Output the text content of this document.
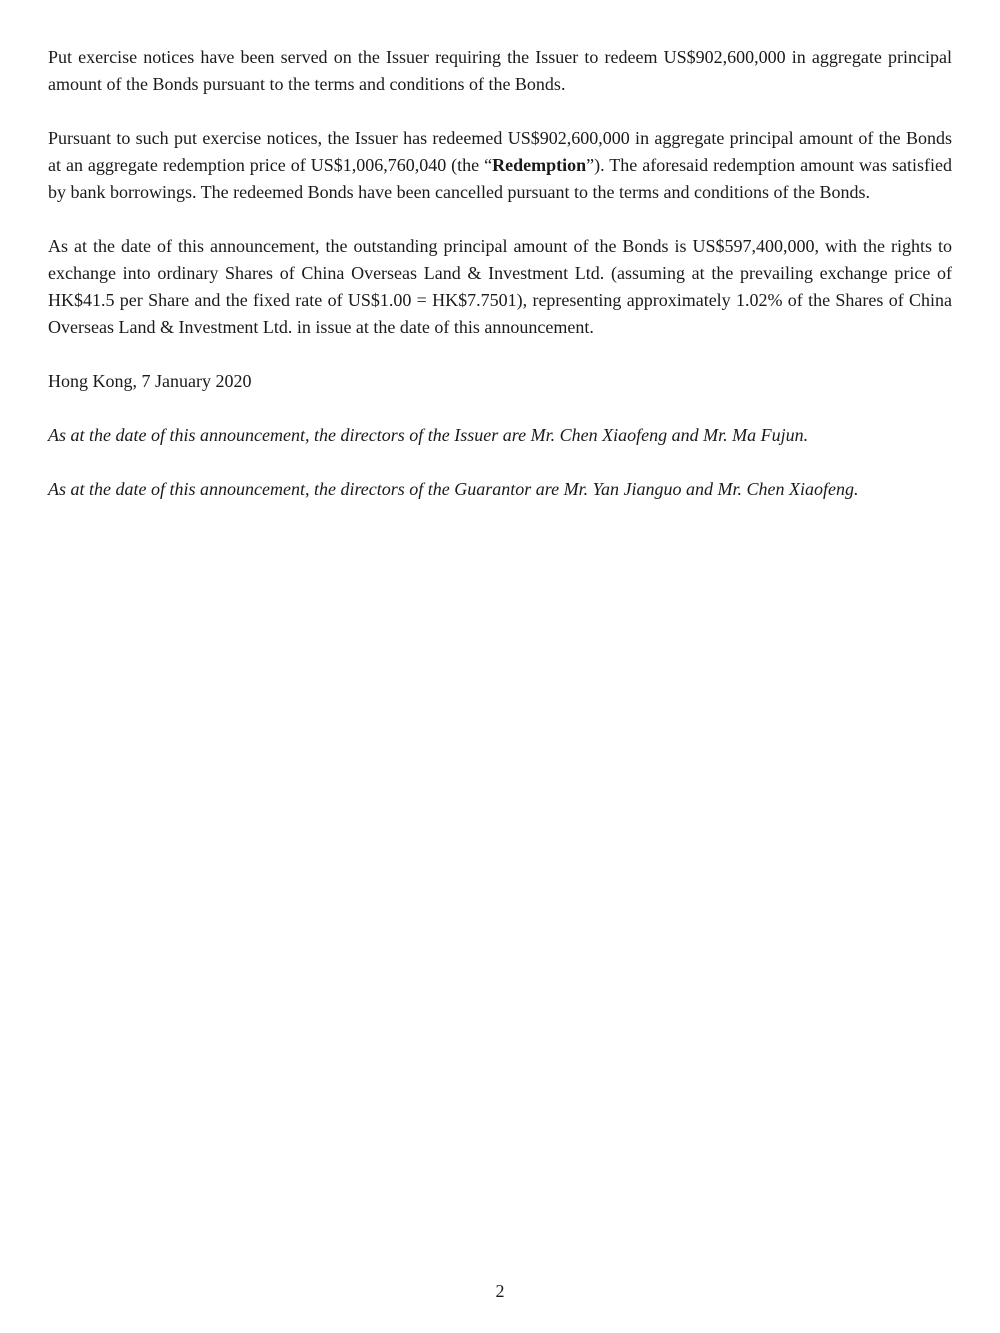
Put exercise notices have been served on the Issuer requiring the Issuer to redeem US$902,600,000 in aggregate principal amount of the Bonds pursuant to the terms and conditions of the Bonds.

Pursuant to such put exercise notices, the Issuer has redeemed US$902,600,000 in aggregate principal amount of the Bonds at an aggregate redemption price of US$1,006,760,040 (the “Redemption”). The aforesaid redemption amount was satisfied by bank borrowings. The redeemed Bonds have been cancelled pursuant to the terms and conditions of the Bonds.

As at the date of this announcement, the outstanding principal amount of the Bonds is US$597,400,000, with the rights to exchange into ordinary Shares of China Overseas Land & Investment Ltd. (assuming at the prevailing exchange price of HK$41.5 per Share and the fixed rate of US$1.00 = HK$7.7501), representing approximately 1.02% of the Shares of China Overseas Land & Investment Ltd. in issue at the date of this announcement.

Hong Kong, 7 January 2020

As at the date of this announcement, the directors of the Issuer are Mr. Chen Xiaofeng and Mr. Ma Fujun.

As at the date of this announcement, the directors of the Guarantor are Mr. Yan Jianguo and Mr. Chen Xiaofeng.

2
